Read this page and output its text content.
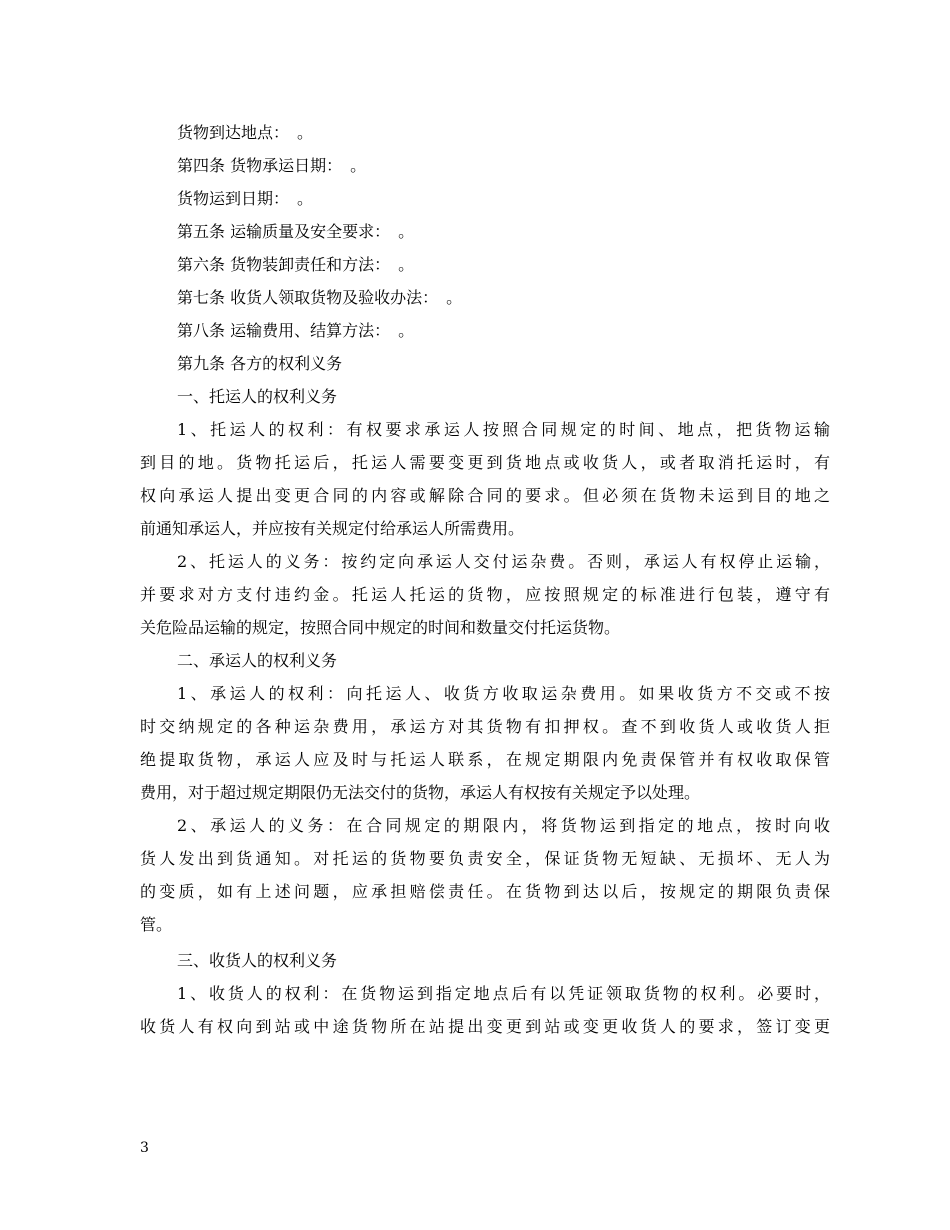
货物到达地点：　。
第四条 货物承运日期：　。
货物运到日期：　。
第五条 运输质量及安全要求：　。
第六条 货物装卸责任和方法：　。
第七条 收货人领取货物及验收办法：　。
第八条 运输费用、结算方法：　。
第九条 各方的权利义务
一、托运人的权利义务
1、托运人的权利：有权要求承运人按照合同规定的时间、地点，把货物运输
到目的地。货物托运后，托运人需要变更到货地点或收货人，或者取消托运时，有
权向承运人提出变更合同的内容或解除合同的要求。但必须在货物未运到目的地之
前通知承运人，并应按有关规定付给承运人所需费用。
2、托运人的义务：按约定向承运人交付运杂费。否则，承运人有权停止运输，
并要求对方支付违约金。托运人托运的货物，应按照规定的标准进行包装，遵守有
关危险品运输的规定，按照合同中规定的时间和数量交付托运货物。
二、承运人的权利义务
1、承运人的权利：向托运人、收货方收取运杂费用。如果收货方不交或不按
时交纳规定的各种运杂费用，承运方对其货物有扣押权。查不到收货人或收货人拒
绝提取货物，承运人应及时与托运人联系，在规定期限内免责保管并有权收取保管
费用，对于超过规定期限仍无法交付的货物，承运人有权按有关规定予以处理。
2、承运人的义务：在合同规定的期限内，将货物运到指定的地点，按时向收
货人发出到货通知。对托运的货物要负责安全，保证货物无短缺、无损坏、无人为
的变质，如有上述问题，应承担赔偿责任。在货物到达以后，按规定的期限负责保
管。
三、收货人的权利义务
1、收货人的权利：在货物运到指定地点后有以凭证领取货物的权利。必要时，
收货人有权向到站或中途货物所在站提出变更到站或变更收货人的要求，签订变更
3
